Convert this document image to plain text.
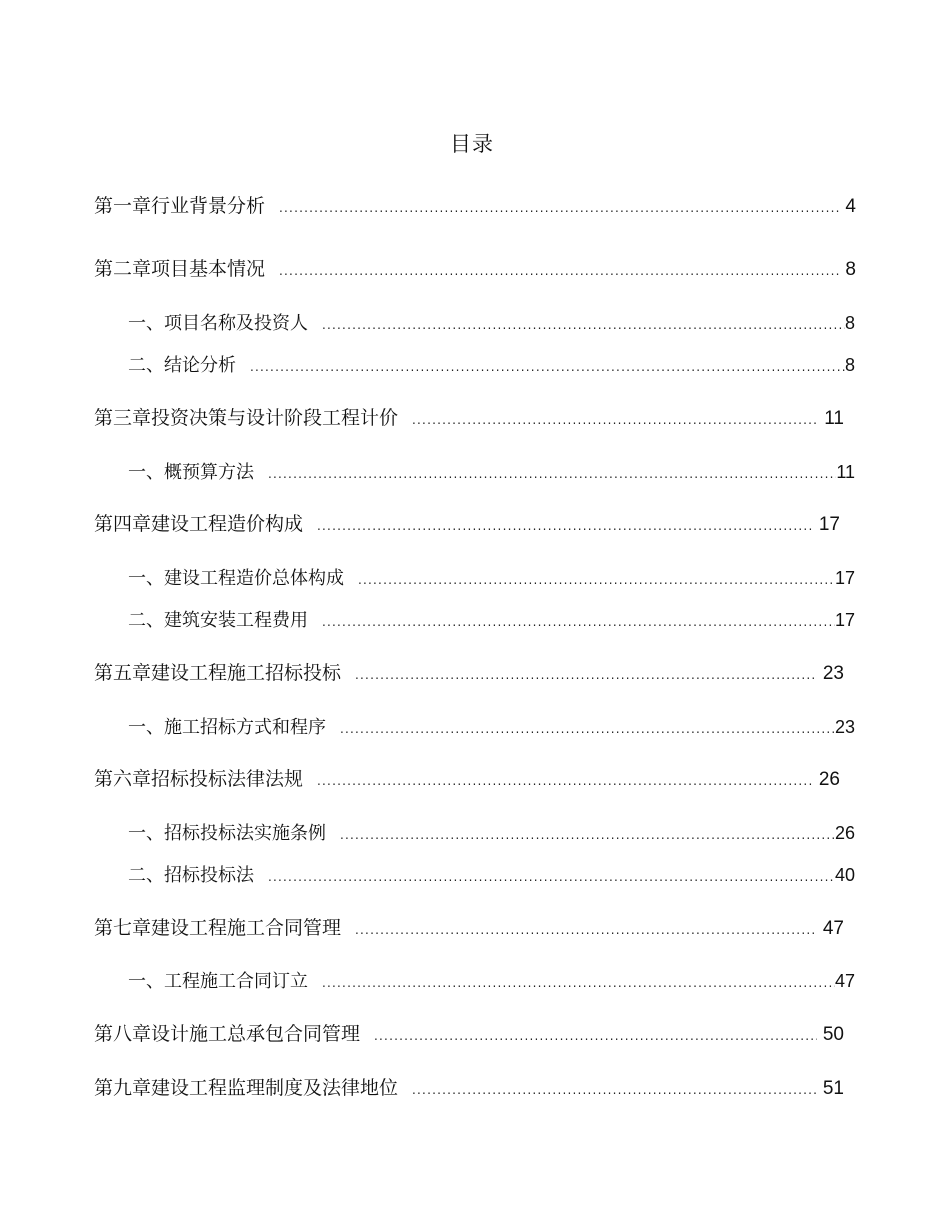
目录
第一章 行业背景分析 .....	4
第二章 项目基本情况 .....	8
一、 项目名称及投资人 .....	8
二、 结论分析 .....	8
第三章 投资决策与设计阶段工程计价 .....	11
一、 概预算方法 .....	11
第四章 建设工程造价构成 .....	17
一、 建设工程造价总体构成 .....	17
二、 建筑安装工程费用 .....	17
第五章 建设工程施工招标投标 .....	23
一、 施工招标方式和程序 .....	23
第六章 招标投标法律法规 .....	26
一、 招标投标法实施条例 .....	26
二、 招标投标法 .....	40
第七章 建设工程施工合同管理 .....	47
一、 工程施工合同订立 .....	47
第八章 设计施工总承包合同管理 .....	50
第九章 建设工程监理制度及法律地位 .....	51
